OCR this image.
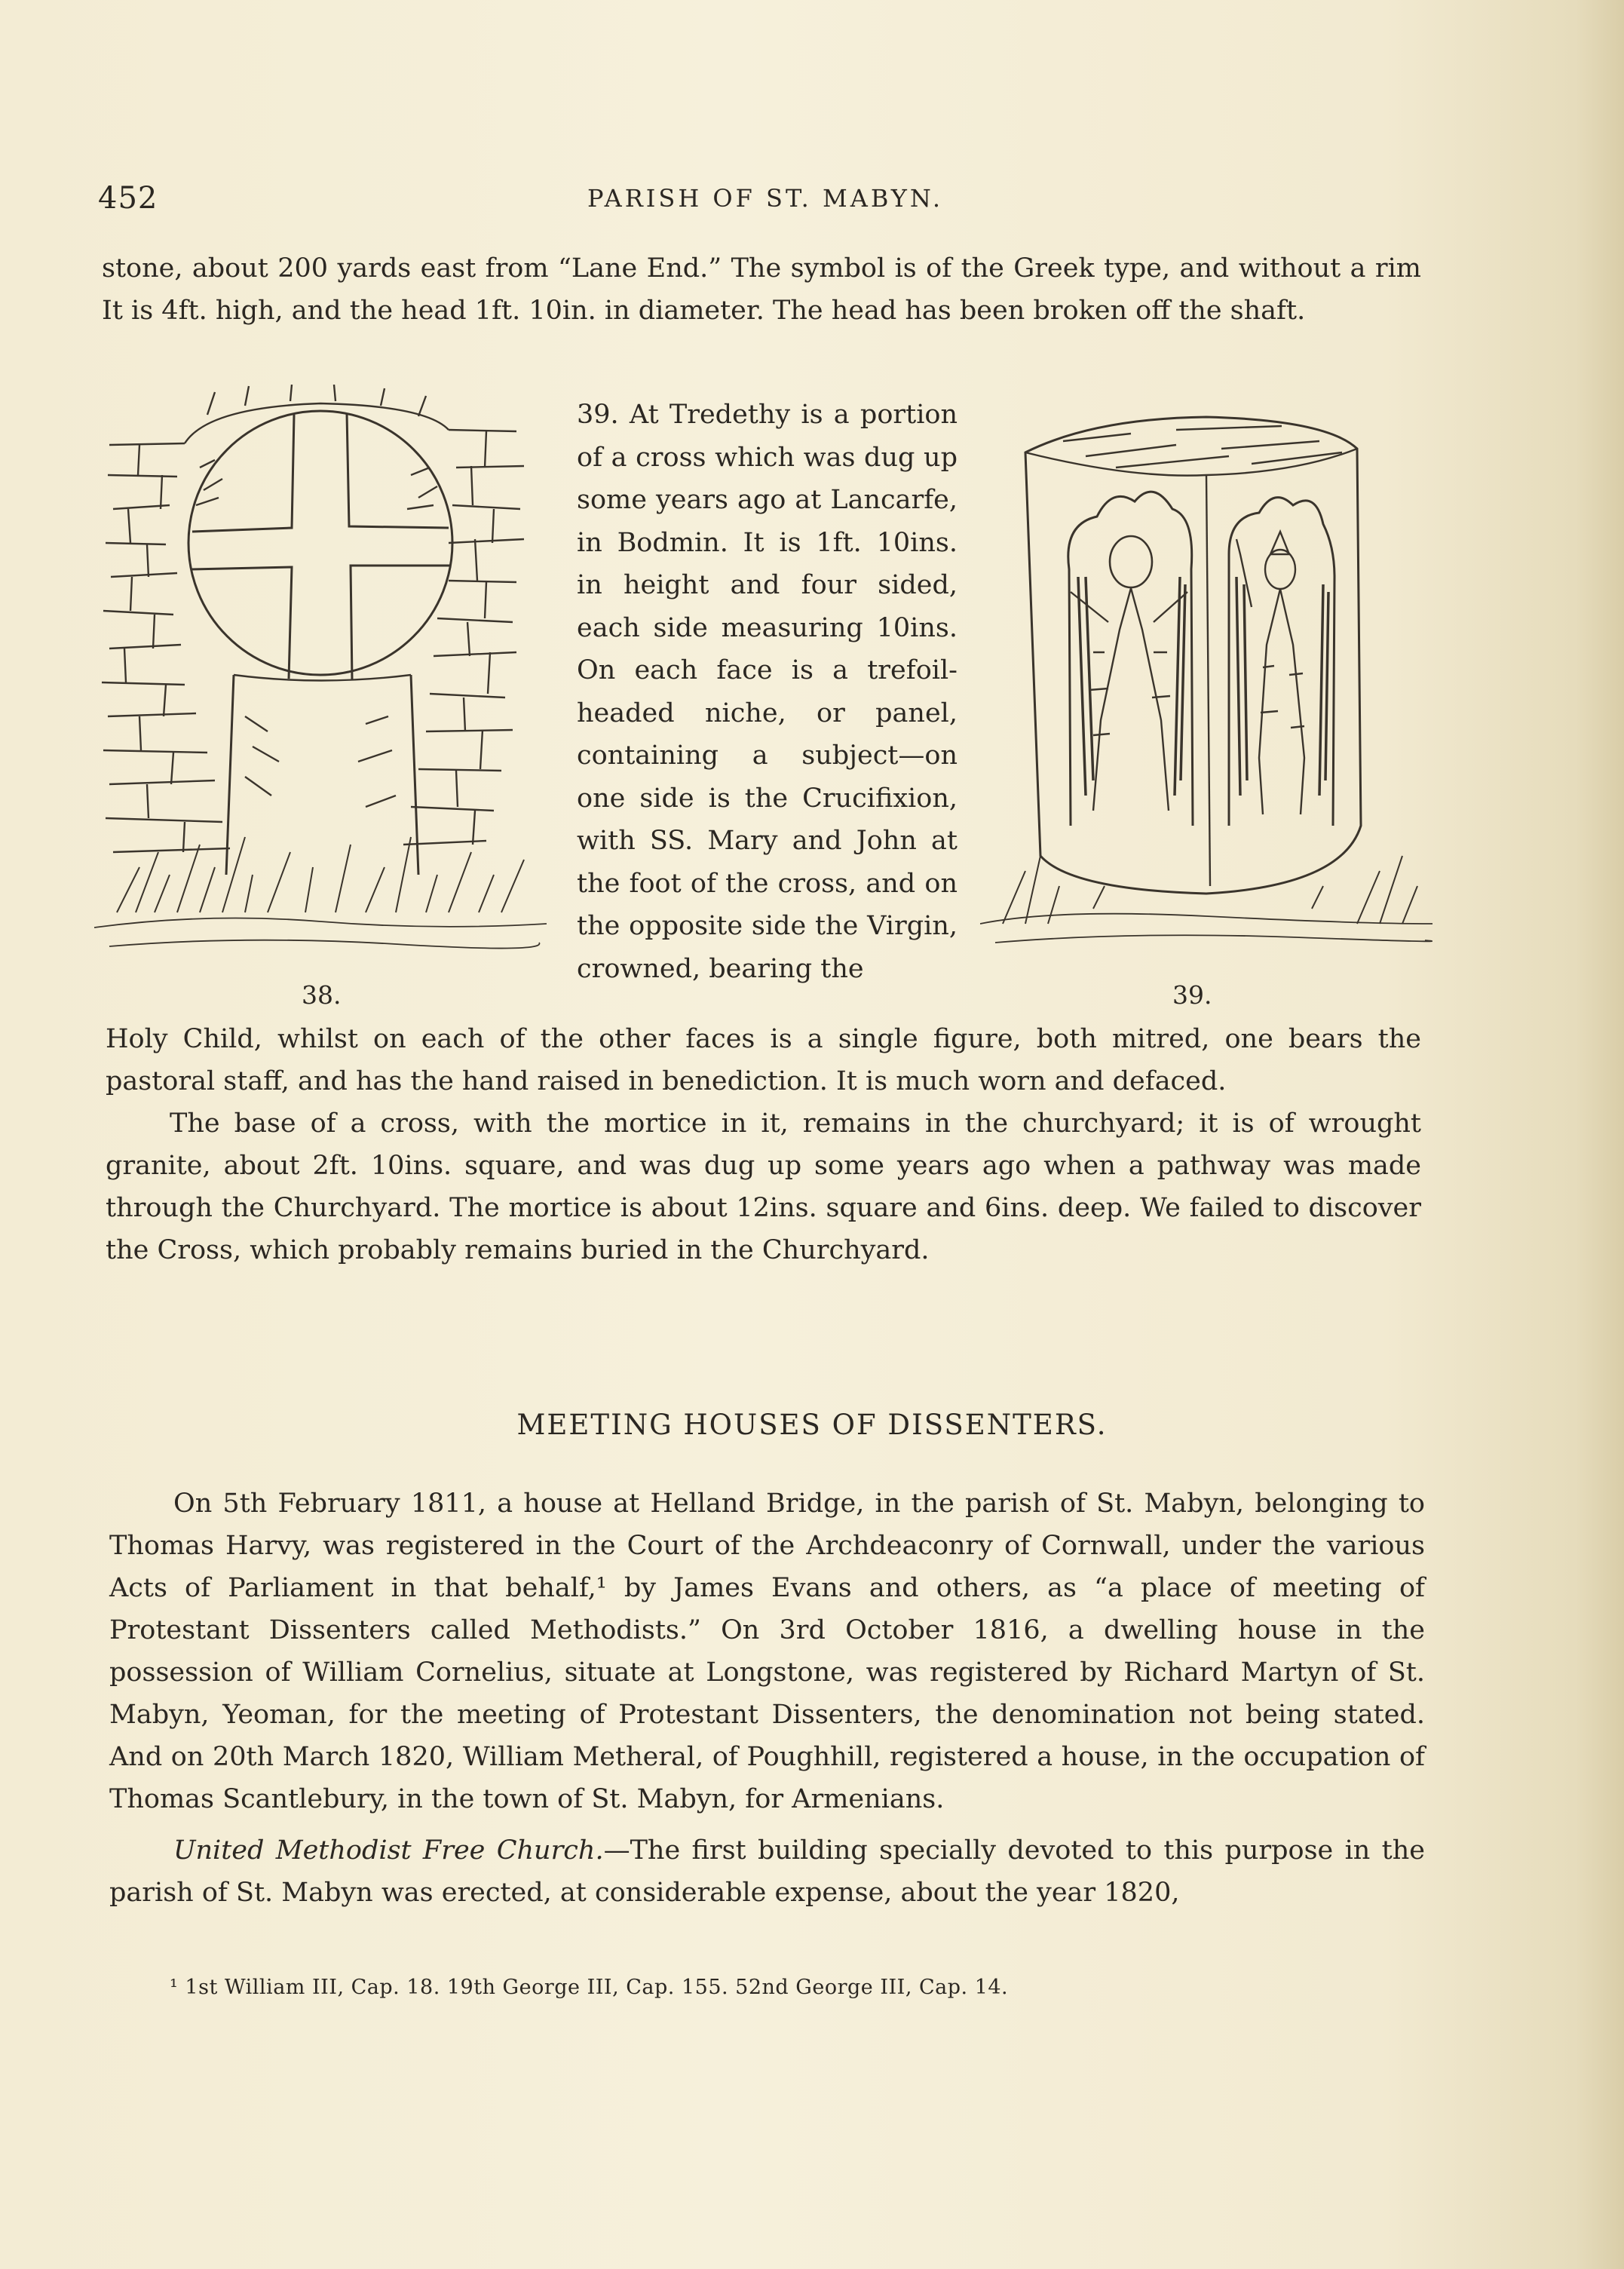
452	PARISH OF ST. MABYN.

stone, about 200 yards east from “Lane End.” The symbol is of the Greek type, and without a rim It is 4ft. high, and the head 1ft. 10in. in diameter. The head has been broken off the shaft.

38.

39. At Tredethy is a portion of a cross which was dug up some years ago at Lancarfe, in Bodmin. It is 1ft. 10ins. in height and four sided, each side measuring 10ins. On each face is a trefoil-headed niche, or panel, containing a subject—on one side is the Crucifixion, with SS. Mary and John at the foot of the cross, and on the opposite side the Virgin, crowned, bearing the

39.

Holy Child, whilst on each of the other faces is a single figure, both mitred, one bears the pastoral staff, and has the hand raised in benediction. It is much worn and defaced.

The base of a cross, with the mortice in it, remains in the churchyard; it is of wrought granite, about 2ft. 10ins. square, and was dug up some years ago when a pathway was made through the Churchyard. The mortice is about 12ins. square and 6ins. deep. We failed to discover the Cross, which probably remains buried in the Churchyard.

MEETING HOUSES OF DISSENTERS.

On 5th February 1811, a house at Helland Bridge, in the parish of St. Mabyn, belonging to Thomas Harvy, was registered in the Court of the Archdeaconry of Cornwall, under the various Acts of Parliament in that behalf,¹ by James Evans and others, as “a place of meeting of Protestant Dissenters called Methodists.” On 3rd October 1816, a dwelling house in the possession of William Cornelius, situate at Longstone, was registered by Richard Martyn of St. Mabyn, Yeoman, for the meeting of Protestant Dissenters, the denomination not being stated. And on 20th March 1820, William Metheral, of Poughhill, registered a house, in the occupation of Thomas Scantlebury, in the town of St. Mabyn, for Armenians.

United Methodist Free Church.—The first building specially devoted to this purpose in the parish of St. Mabyn was erected, at considerable expense, about the year 1820,

¹ 1st William III, Cap. 18. 19th George III, Cap. 155. 52nd George III, Cap. 14.
